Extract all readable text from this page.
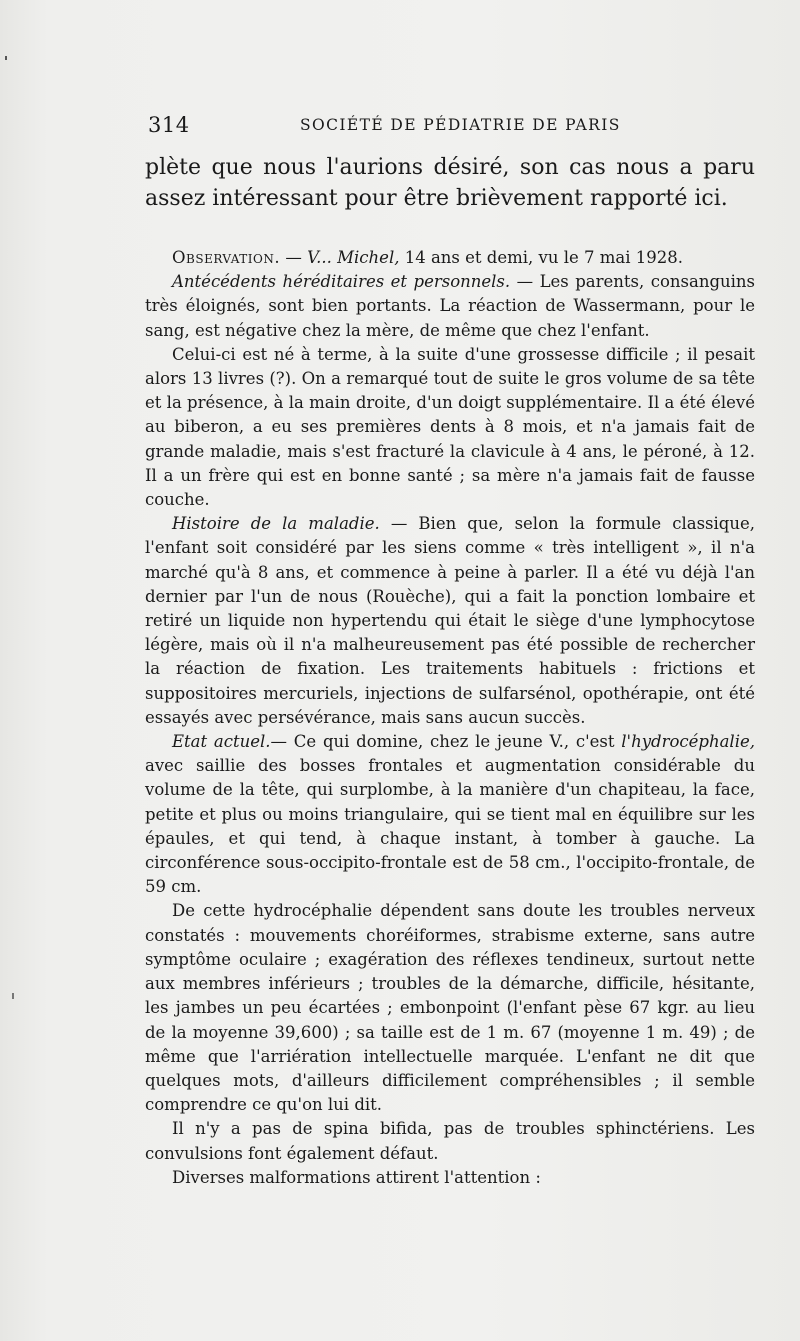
314	SOCIÉTÉ DE PÉDIATRIE DE PARIS

plète que nous l'aurions désiré, son cas nous a paru assez intéressant pour être brièvement rapporté ici.

Observation. — V... Michel, 14 ans et demi, vu le 7 mai 1928.

Antécédents héréditaires et personnels. — Les parents, consanguins très éloignés, sont bien portants. La réaction de Wassermann, pour le sang, est négative chez la mère, de même que chez l'enfant.

Celui-ci est né à terme, à la suite d'une grossesse difficile ; il pesait alors 13 livres (?). On a remarqué tout de suite le gros volume de sa tête et la présence, à la main droite, d'un doigt supplémentaire. Il a été élevé au biberon, a eu ses premières dents à 8 mois, et n'a jamais fait de grande maladie, mais s'est fracturé la clavicule à 4 ans, le péroné, à 12. Il a un frère qui est en bonne santé ; sa mère n'a jamais fait de fausse couche.

Histoire de la maladie. — Bien que, selon la formule classique, l'enfant soit considéré par les siens comme « très intelligent », il n'a marché qu'à 8 ans, et commence à peine à parler. Il a été vu déjà l'an dernier par l'un de nous (Rouèche), qui a fait la ponction lombaire et retiré un liquide non hypertendu qui était le siège d'une lymphocytose légère, mais où il n'a malheureusement pas été possible de rechercher la réaction de fixation. Les traitements habituels : frictions et suppositoires mercuriels, injections de sulfarsénol, opothérapie, ont été essayés avec persévérance, mais sans aucun succès.

Etat actuel.— Ce qui domine, chez le jeune V., c'est l'hydrocéphalie, avec saillie des bosses frontales et augmentation considérable du volume de la tête, qui surplombe, à la manière d'un chapiteau, la face, petite et plus ou moins triangulaire, qui se tient mal en équilibre sur les épaules, et qui tend, à chaque instant, à tomber à gauche. La circonférence sous-occipito-frontale est de 58 cm., l'occipito-frontale, de 59 cm.

De cette hydrocéphalie dépendent sans doute les troubles nerveux constatés : mouvements choréiformes, strabisme externe, sans autre symptôme oculaire ; exagération des réflexes tendineux, surtout nette aux membres inférieurs ; troubles de la démarche, difficile, hésitante, les jambes un peu écartées ; embonpoint (l'enfant pèse 67 kgr. au lieu de la moyenne 39,600) ; sa taille est de 1 m. 67 (moyenne 1 m. 49) ; de même que l'arriération intellectuelle marquée. L'enfant ne dit que quelques mots, d'ailleurs difficilement compréhensibles ; il semble comprendre ce qu'on lui dit.

Il n'y a pas de spina bifida, pas de troubles sphinctériens. Les convulsions font également défaut.

Diverses malformations attirent l'attention :
